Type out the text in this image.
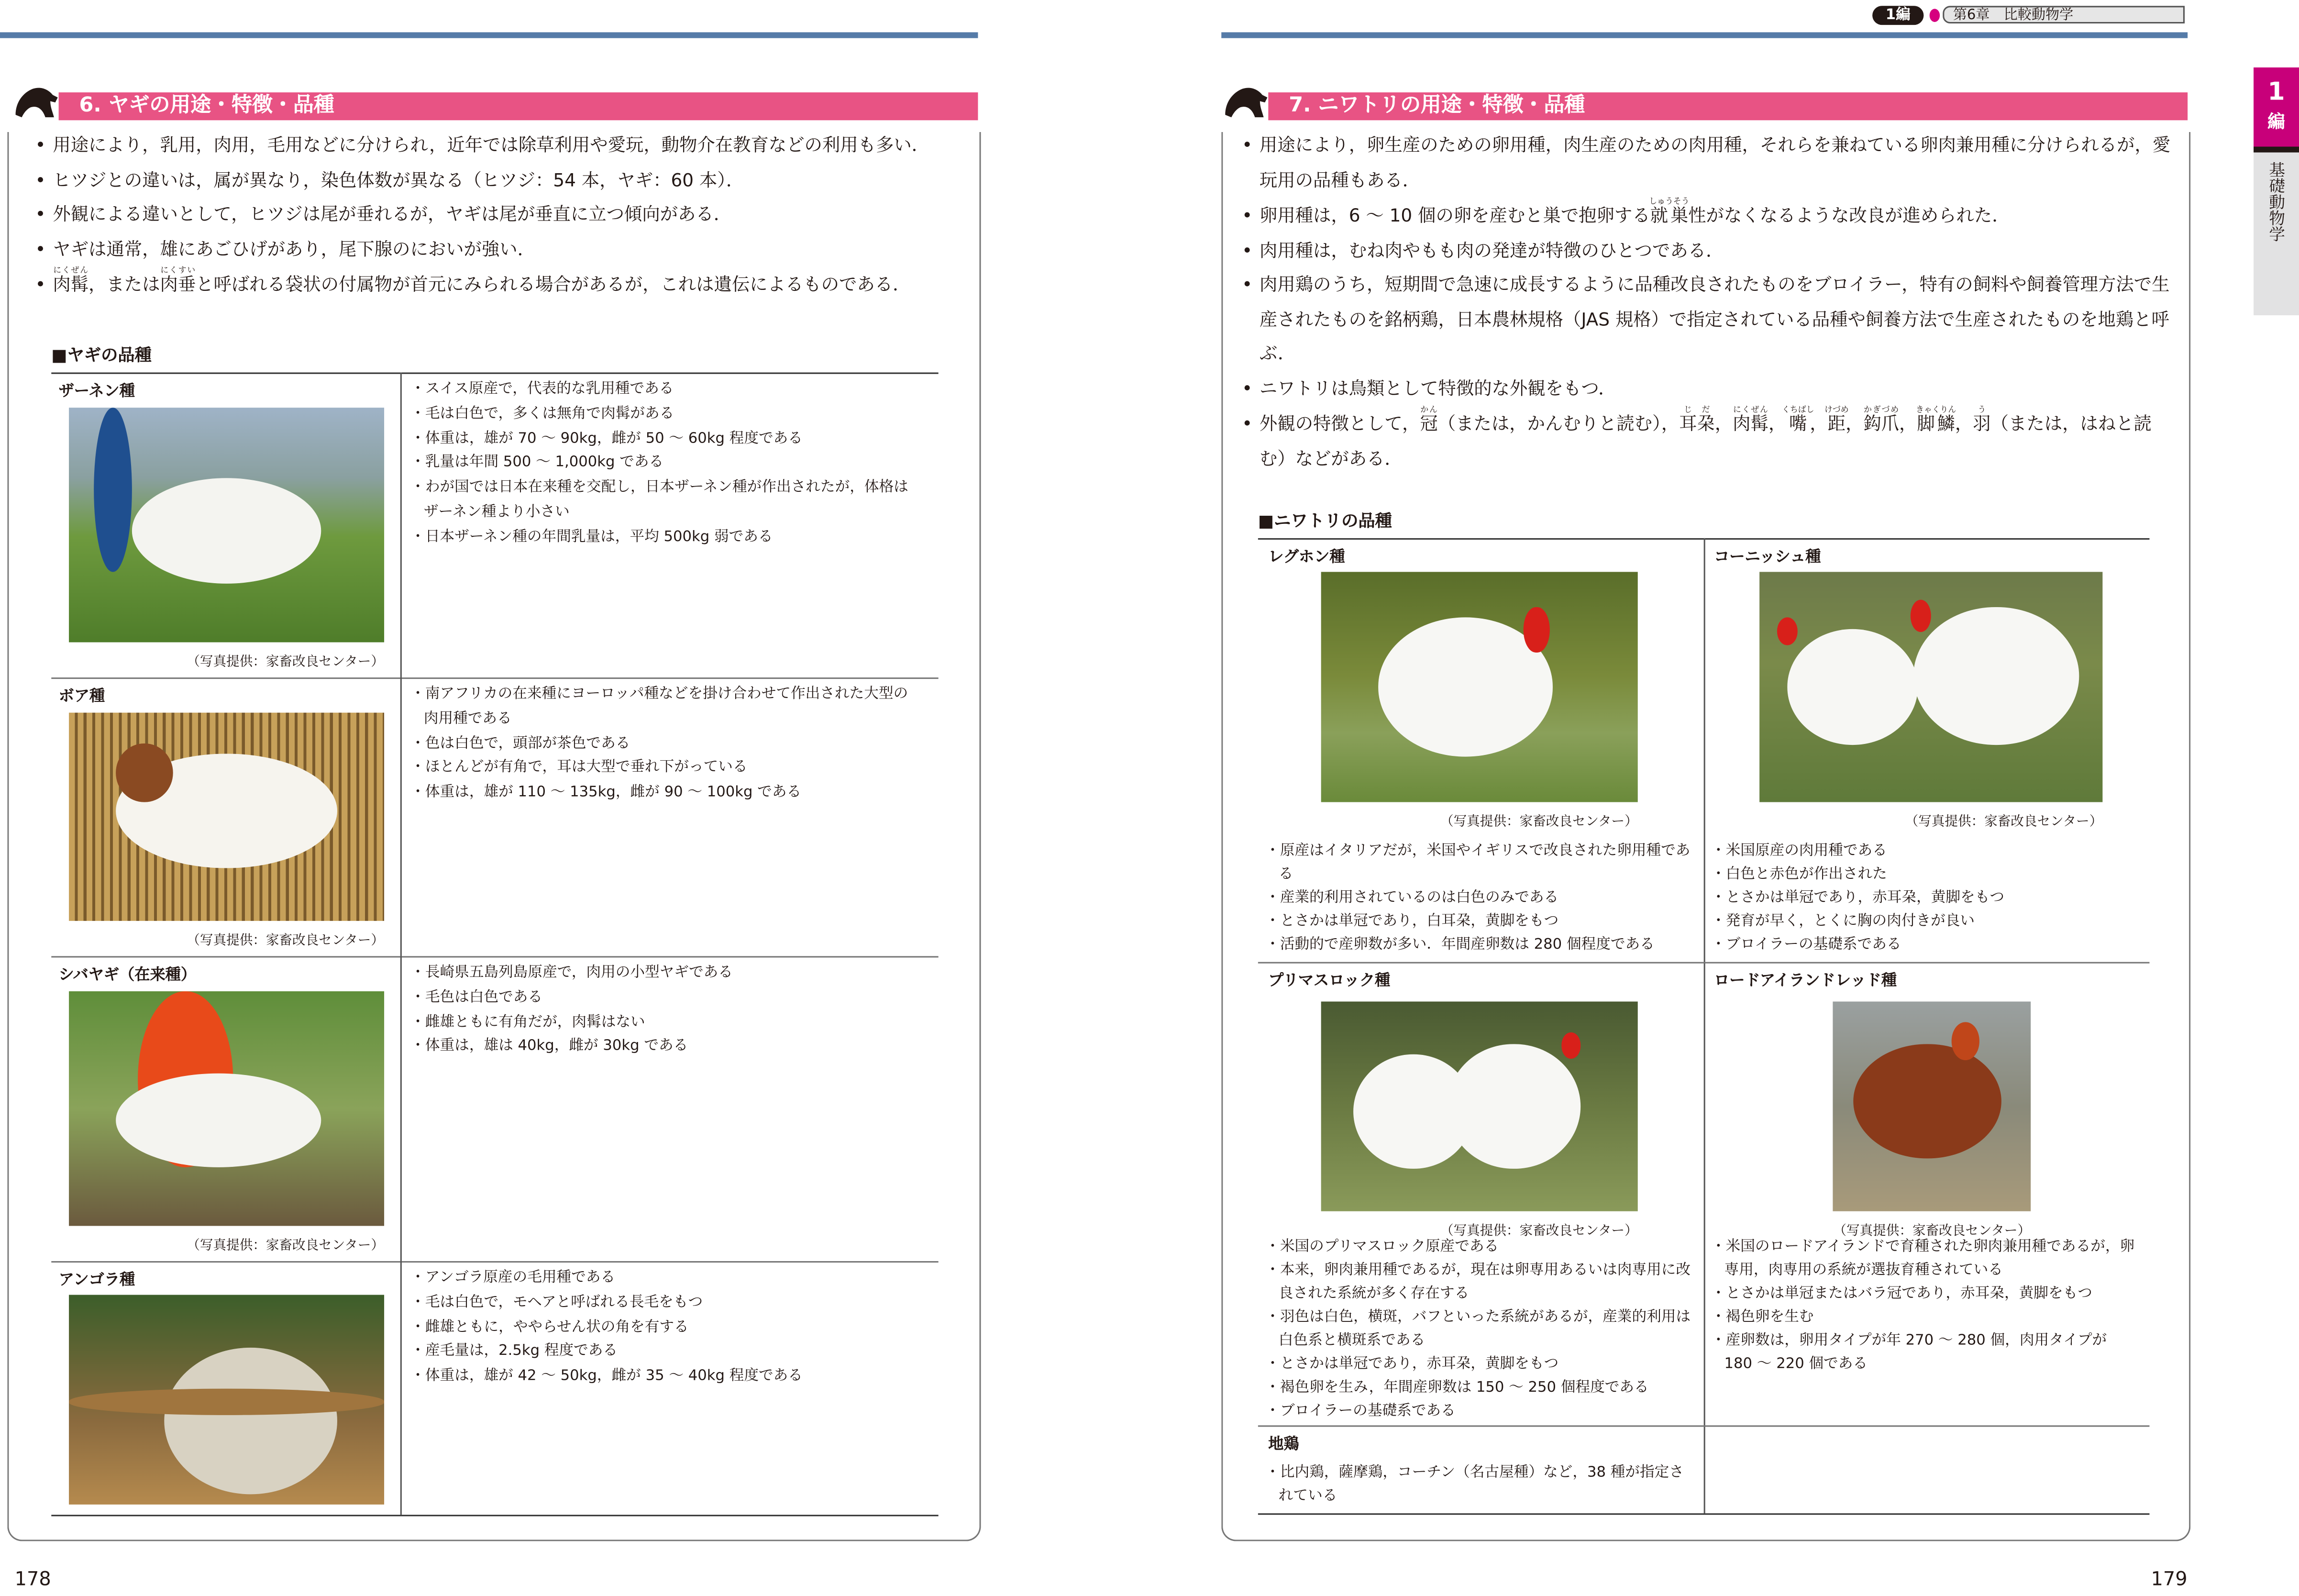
6. ヤギの用途・特徴・品種
• 用途により，乳用，肉用，毛用などに分けられ，近年では除草利用や愛玩，動物介在教育などの利用も多い．
• ヒツジとの違いは，属が異なり，染色体数が異なる（ヒツジ：54 本，ヤギ：60 本）．
• 外観による違いとして，ヒツジは尾が垂れるが，ヤギは尾が垂直に立つ傾向がある．
• ヤギは通常，雄にあごひげがあり，尾下腺のにおいが強い．
• 肉髯にくぜん，または肉垂にくすいと呼ばれる袋状の付属物が首元にみられる場合があるが，これは遺伝によるものである．
■ヤギの品種
178
1編	第6章　比較動物学
1
編
基礎動物学
7. ニワトリの用途・特徴・品種
• 用途により，卵生産のための卵用種，肉生産のための肉用種，それらを兼ねている卵肉兼用種に分けられるが，愛玩用の品種もある．
• 卵用種は，6 ～ 10 個の卵を産むと巣で抱卵する就巣しゅうそう性がなくなるような改良が進められた．
• 肉用種は，むね肉やもも肉の発達が特徴のひとつである．
• 肉用鶏のうち，短期間で急速に成長するように品種改良されたものをブロイラー，特有の飼料や飼養管理方法で生産されたものを銘柄鶏，日本農林規格（JAS 規格）で指定されている品種や飼養方法で生産されたものを地鶏と呼ぶ．
• ニワトリは鳥類として特徴的な外観をもつ．
• 外観の特徴として，冠かん（または，かんむりと読む），耳朶じだ，肉髯にくぜん，嘴くちばし，距けづめ，鈎爪かぎづめ，脚鱗きゃくりん，羽う（または，はねと読む）などがある．
■ニワトリの品種
179
ザーネン種
（写真提供：家畜改良センター）
・スイス原産で，代表的な乳用種である
・毛は白色で，多くは無角で肉髯がある
・体重は，雄が 70 ～ 90kg，雌が 50 ～ 60kg 程度である
・乳量は年間 500 ～ 1,000kg である
・わが国では日本在来種を交配し，日本ザーネン種が作出されたが，体格はザーネン種より小さい
・日本ザーネン種の年間乳量は，平均 500kg 弱である
ボア種
（写真提供：家畜改良センター）
・南アフリカの在来種にヨーロッパ種などを掛け合わせて作出された大型の肉用種である
・色は白色で，頭部が茶色である
・ほとんどが有角で，耳は大型で垂れ下がっている
・体重は，雄が 110 ～ 135kg，雌が 90 ～ 100kg である
シバヤギ（在来種）
（写真提供：家畜改良センター）
・長崎県五島列島原産で，肉用の小型ヤギである
・毛色は白色である
・雌雄ともに有角だが，肉髯はない
・体重は，雄は 40kg，雌が 30kg である
アンゴラ種	・アンゴラ原産の毛用種である
・毛は白色で，モヘアと呼ばれる長毛をもつ
・雌雄ともに，ややらせん状の角を有する
・産毛量は，2.5kg 程度である
・体重は，雄が 42 ～ 50kg，雌が 35 ～ 40kg 程度である
レグホン種
（写真提供：家畜改良センター）
・原産はイタリアだが，米国やイギリスで改良された卵用種である
・産業的利用されているのは白色のみである
・とさかは単冠であり，白耳朶，黄脚をもつ
・活動的で産卵数が多い．年間産卵数は 280 個程度である
コーニッシュ種
（写真提供：家畜改良センター）
・米国原産の肉用種である
・白色と赤色が作出された
・とさかは単冠であり，赤耳朶，黄脚をもつ
・発育が早く，とくに胸の肉付きが良い
・ブロイラーの基礎系である
プリマスロック種
（写真提供：家畜改良センター）
・米国のプリマスロック原産である
・本来，卵肉兼用種であるが，現在は卵専用あるいは肉専用に改良された系統が多く存在する
・羽色は白色，横斑，バフといった系統があるが，産業的利用は白色系と横斑系である
・とさかは単冠であり，赤耳朶，黄脚をもつ
・褐色卵を生み，年間産卵数は 150 ～ 250 個程度である
・ブロイラーの基礎系である
ロードアイランドレッド種
（写真提供：家畜改良センター）
・米国のロードアイランドで育種された卵肉兼用種であるが，卵専用，肉専用の系統が選抜育種されている
・とさかは単冠またはバラ冠であり，赤耳朶，黄脚をもつ
・褐色卵を生む
・産卵数は，卵用タイプが年 270 ～ 280 個，肉用タイプが 180 ～ 220 個である
地鶏
・比内鶏，薩摩鶏，コーチン（名古屋種）など，38 種が指定されている
